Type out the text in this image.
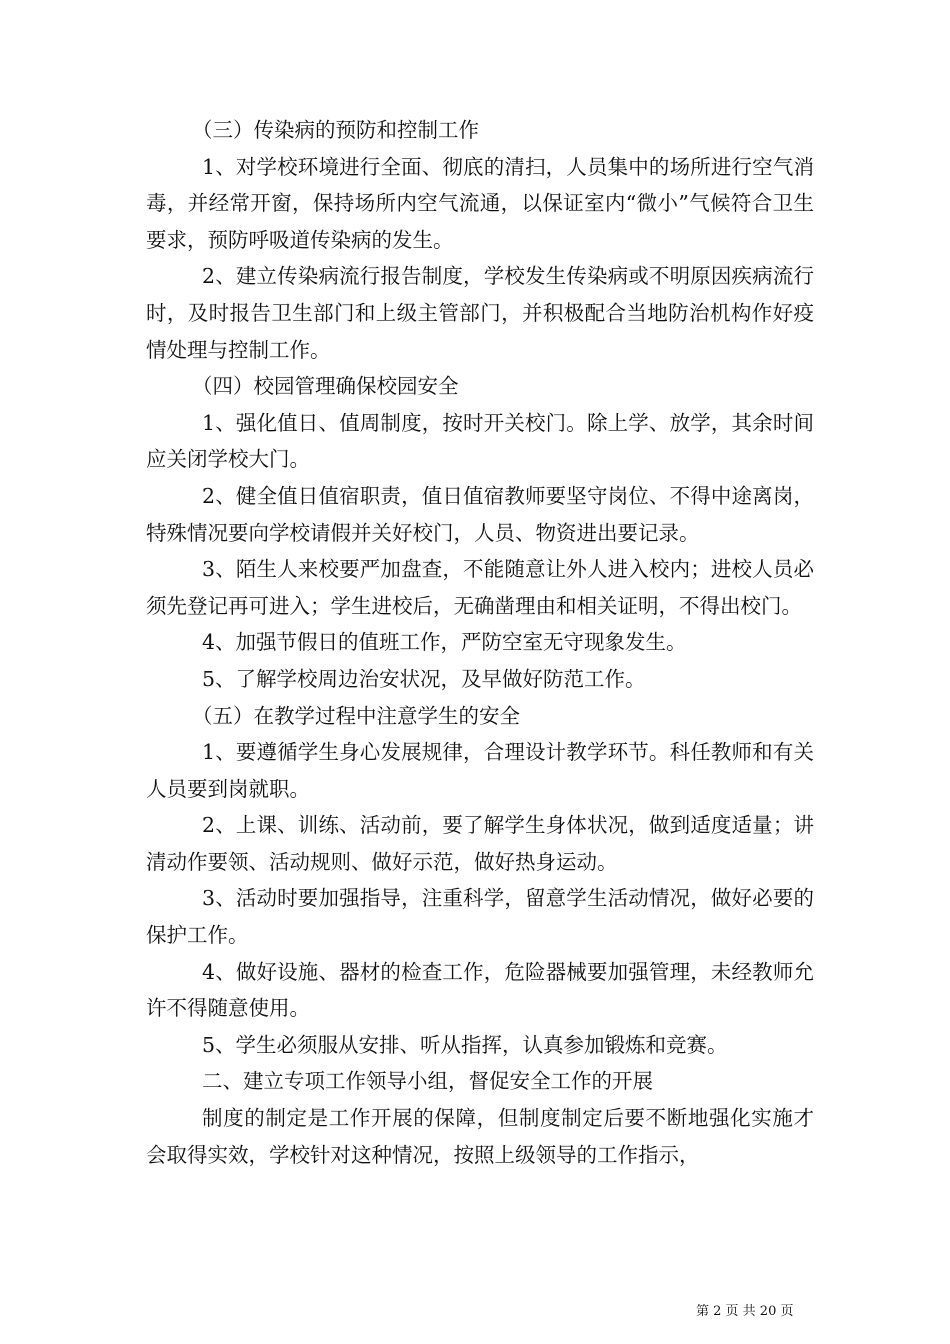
（三）传染病的预防和控制工作

1、对学校环境进行全面、彻底的清扫，人员集中的场所进行空气消毒，并经常开窗，保持场所内空气流通，以保证室内“微小”气候符合卫生要求，预防呼吸道传染病的发生。

2、建立传染病流行报告制度，学校发生传染病或不明原因疾病流行时，及时报告卫生部门和上级主管部门，并积极配合当地防治机构作好疫情处理与控制工作。

（四）校园管理确保校园安全

1、强化值日、值周制度，按时开关校门。除上学、放学，其余时间应关闭学校大门。

2、健全值日值宿职责，值日值宿教师要坚守岗位、不得中途离岗，特殊情况要向学校请假并关好校门，人员、物资进出要记录。

3、陌生人来校要严加盘查，不能随意让外人进入校内；进校人员必须先登记再可进入；学生进校后，无确凿理由和相关证明，不得出校门。

4、加强节假日的值班工作，严防空室无守现象发生。

5、了解学校周边治安状况，及早做好防范工作。

（五）在教学过程中注意学生的安全

1、要遵循学生身心发展规律，合理设计教学环节。科任教师和有关人员要到岗就职。

2、上课、训练、活动前，要了解学生身体状况，做到适度适量；讲清动作要领、活动规则、做好示范，做好热身运动。

3、活动时要加强指导，注重科学，留意学生活动情况，做好必要的保护工作。

4、做好设施、器材的检查工作，危险器械要加强管理，未经教师允许不得随意使用。

5、学生必须服从安排、听从指挥，认真参加锻炼和竞赛。

二、建立专项工作领导小组，督促安全工作的开展

制度的制定是工作开展的保障，但制度制定后要不断地强化实施才会取得实效，学校针对这种情况，按照上级领导的工作指示，

第 2 页 共 20 页
